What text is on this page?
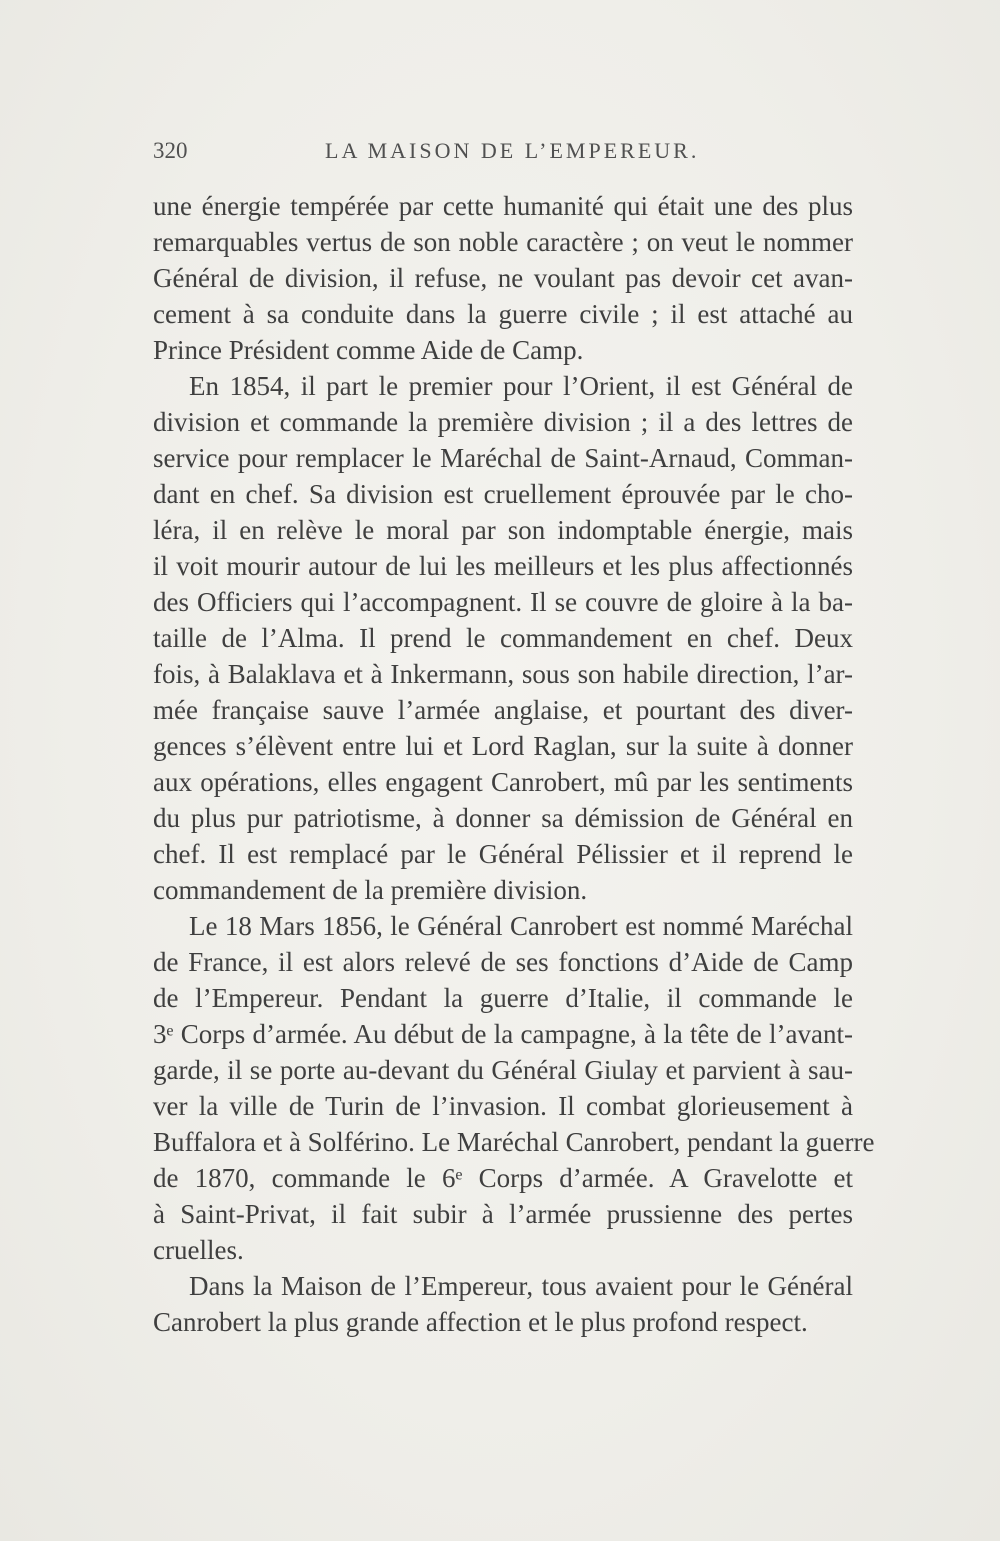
320	LA MAISON DE L’EMPEREUR.
une énergie tempérée par cette humanité qui était une des plus
remarquables vertus de son noble caractère ; on veut le nommer
Général de division, il refuse, ne voulant pas devoir cet avan-
cement à sa conduite dans la guerre civile ; il est attaché au
Prince Président comme Aide de Camp.
En 1854, il part le premier pour l’Orient, il est Général de
division et commande la première division ; il a des lettres de
service pour remplacer le Maréchal de Saint-Arnaud, Comman-
dant en chef. Sa division est cruellement éprouvée par le cho-
léra, il en relève le moral par son indomptable énergie, mais
il voit mourir autour de lui les meilleurs et les plus affectionnés
des Officiers qui l’accompagnent. Il se couvre de gloire à la ba-
taille de l’Alma. Il prend le commandement en chef. Deux
fois, à Balaklava et à Inkermann, sous son habile direction, l’ar-
mée française sauve l’armée anglaise, et pourtant des diver-
gences s’élèvent entre lui et Lord Raglan, sur la suite à donner
aux opérations, elles engagent Canrobert, mû par les sentiments
du plus pur patriotisme, à donner sa démission de Général en
chef. Il est remplacé par le Général Pélissier et il reprend le
commandement de la première division.
Le 18 Mars 1856, le Général Canrobert est nommé Maréchal
de France, il est alors relevé de ses fonctions d’Aide de Camp
de l’Empereur. Pendant la guerre d’Italie, il commande le
3ᵉ Corps d’armée. Au début de la campagne, à la tête de l’avant-
garde, il se porte au-devant du Général Giulay et parvient à sau-
ver la ville de Turin de l’invasion. Il combat glorieusement à
Buffalora et à Solférino. Le Maréchal Canrobert, pendant la guerre
de 1870, commande le 6ᵉ Corps d’armée. A Gravelotte et
à Saint-Privat, il fait subir à l’armée prussienne des pertes
cruelles.
Dans la Maison de l’Empereur, tous avaient pour le Général
Canrobert la plus grande affection et le plus profond respect.
